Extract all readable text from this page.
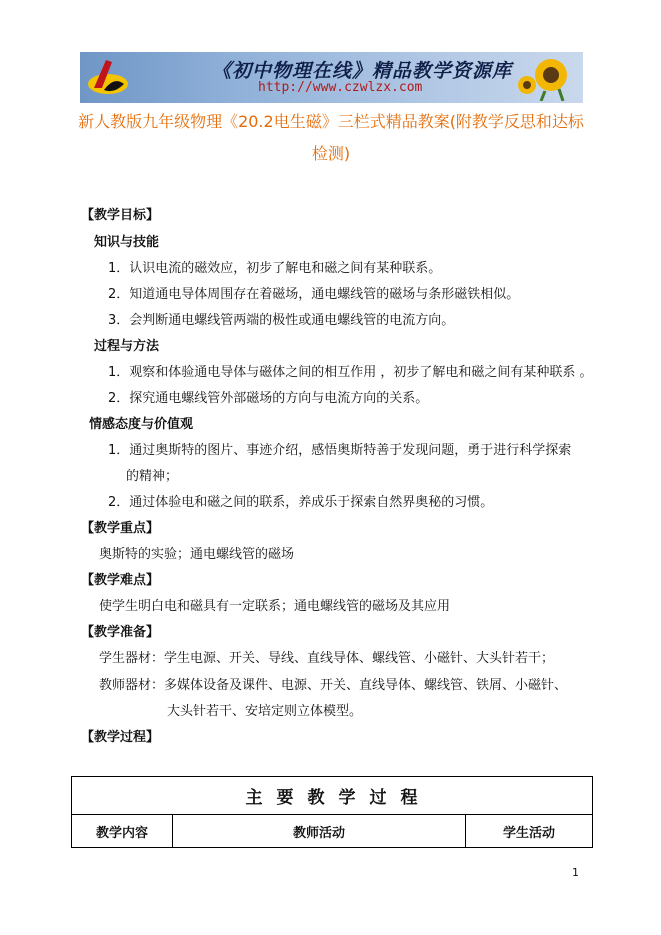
《初中物理在线》精品教学资源库
http://www.czwlzx.com
新人教版九年级物理《20.2电生磁》三栏式精品教案(附教学反思和达标
检测)
【教学目标】
知识与技能
1．认识电流的磁效应，初步了解电和磁之间有某种联系。
2．知道通电导体周围存在着磁场，通电螺线管的磁场与条形磁铁相似。
3．会判断通电螺线管两端的极性或通电螺线管的电流方向。
过程与方法
1．观察和体验通电导体与磁体之间的相互作用 ，初步了解电和磁之间有某种联系 。
2．探究通电螺线管外部磁场的方向与电流方向的关系。
情感态度与价值观
1．通过奥斯特的图片、事迹介绍，感悟奥斯特善于发现问题，勇于进行科学探索
的精神；
2．通过体验电和磁之间的联系，养成乐于探索自然界奥秘的习惯。
【教学重点】
奥斯特的实验；通电螺线管的磁场
【教学难点】
使学生明白电和磁具有一定联系；通电螺线管的磁场及其应用
【教学准备】
学生器材：学生电源、开关、导线、直线导体、螺线管、小磁针、大头针若干；
教师器材：多媒体设备及课件、电源、开关、直线导体、螺线管、铁屑、小磁针、
大头针若干、安培定则立体模型。
【教学过程】
主要教学过程
教学内容	教师活动	学生活动
1
